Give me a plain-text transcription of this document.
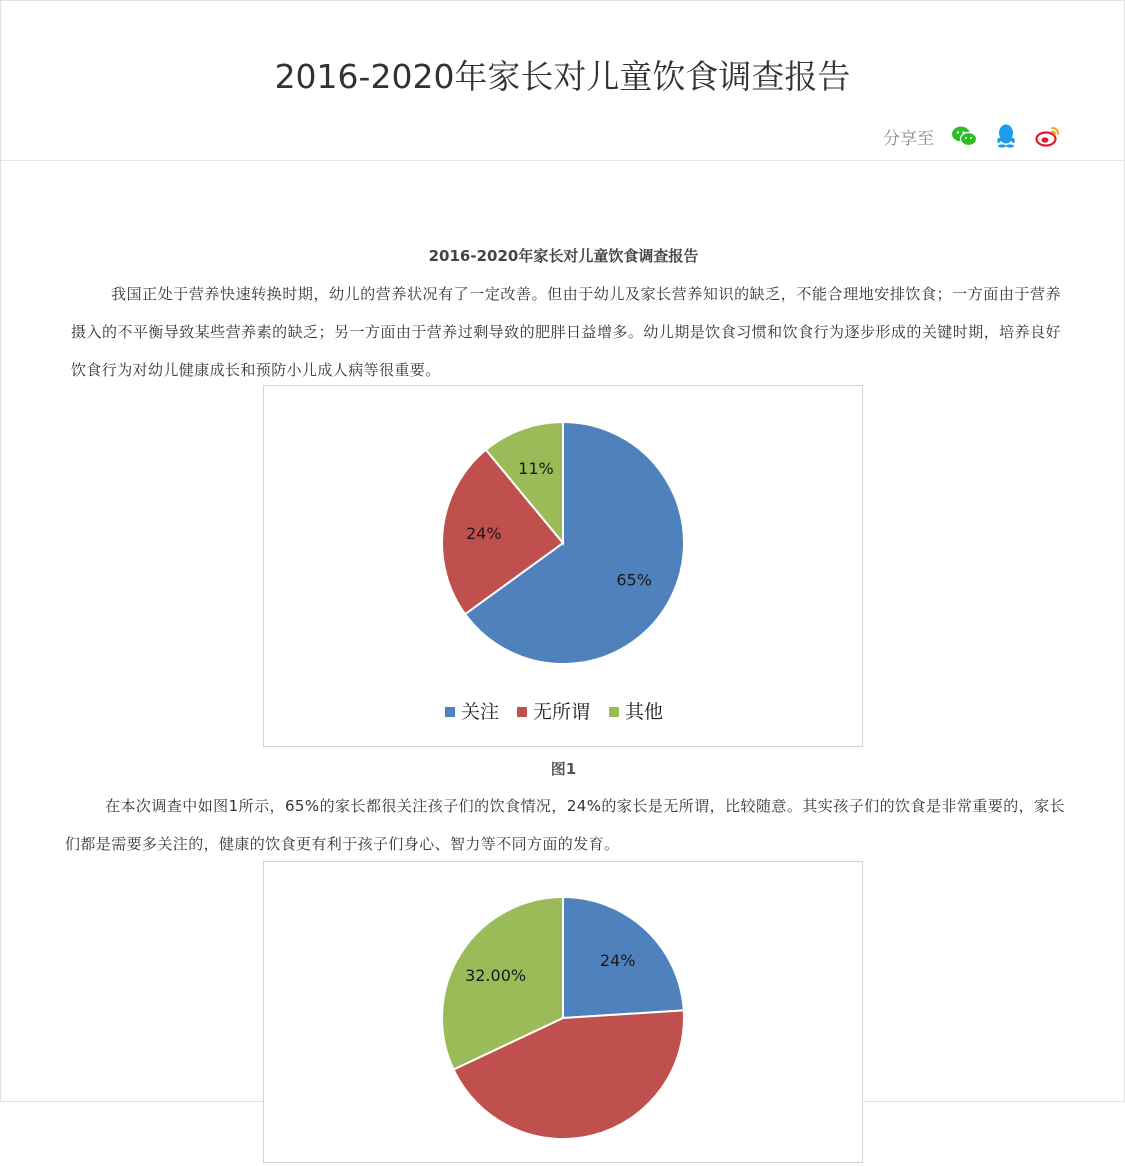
2016-2020年家长对儿童饮食调查报告
分享至
2016-2020年家长对儿童饮食调查报告
我国正处于营养快速转换时期，幼儿的营养状况有了一定改善。但由于幼儿及家长营养知识的缺乏，不能合理地安排饮食；一方面由于营养摄入的不平衡导致某些营养素的缺乏；另一方面由于营养过剩导致的肥胖日益增多。幼儿期是饮食习惯和饮食行为逐步形成的关键时期，培养良好饮食行为对幼儿健康成长和预防小儿成人病等很重要。
65%
24%
11%
关注 无所谓 其他
图1
在本次调查中如图1所示，65%的家长都很关注孩子们的饮食情况，24%的家长是无所谓，比较随意。其实孩子们的饮食是非常重要的，家长们都是需要多关注的，健康的饮食更有利于孩子们身心、智力等不同方面的发育。
24%
32.00%
